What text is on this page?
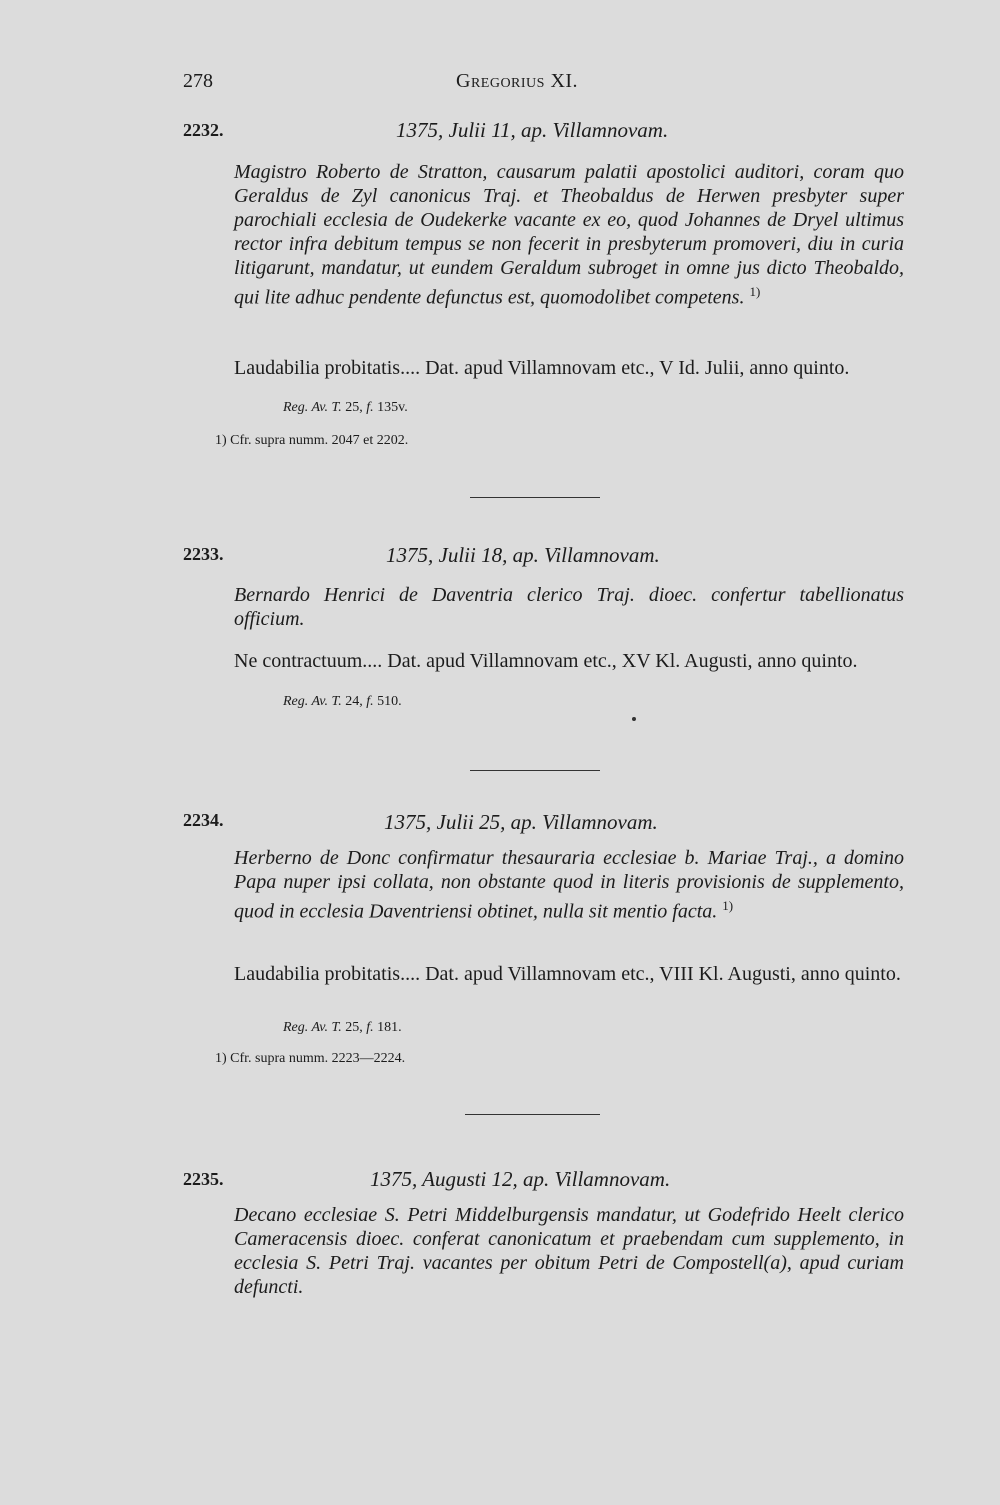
278	Gregorius XI.
2232.	1375, Julii 11, ap. Villamnovam.
Magistro Roberto de Stratton, causarum palatii apostolici auditori, coram quo Geraldus de Zyl canonicus Traj. et Theobaldus de Herwen presbyter super parochiali ecclesia de Oudekerke vacante ex eo, quod Johannes de Dryel ultimus rector infra debitum tempus se non fecerit in presbyterum promoveri, diu in curia litigarunt, mandatur, ut eundem Geraldum subroget in omne jus dicto Theobaldo, qui lite adhuc pendente defunctus est, quomodolibet competens. $^{1)}$
Laudabilia probitatis.... Dat. apud Villamnovam etc., V Id. Julii, anno quinto.
Reg. Av. T. 25, f. 135v.
1) Cfr. supra numm. 2047 et 2202.
2233.	1375, Julii 18, ap. Villamnovam.
Bernardo Henrici de Daventria clerico Traj. dioec. confertur tabellionatus officium.
Ne contractuum.... Dat. apud Villamnovam etc., XV Kl. Augusti, anno quinto.
Reg. Av. T. 24, f. 510.
2234.	1375, Julii 25, ap. Villamnovam.
Herberno de Donc confirmatur thesauraria ecclesiae b. Mariae Traj., a domino Papa nuper ipsi collata, non obstante quod in literis provisionis de supplemento, quod in ecclesia Daventriensi obtinet, nulla sit mentio facta. $^{1)}$
Laudabilia probitatis.... Dat. apud Villamnovam etc., VIII Kl. Augusti, anno quinto.
Reg. Av. T. 25, f. 181.
1) Cfr. supra numm. 2223—2224.
2235.	1375, Augusti 12, ap. Villamnovam.
Decano ecclesiae S. Petri Middelburgensis mandatur, ut Godefrido Heelt clerico Cameracensis dioec. conferat canonicatum et praebendam cum supplemento, in ecclesia S. Petri Traj. vacantes per obitum Petri de Compostell(a), apud curiam defuncti.
